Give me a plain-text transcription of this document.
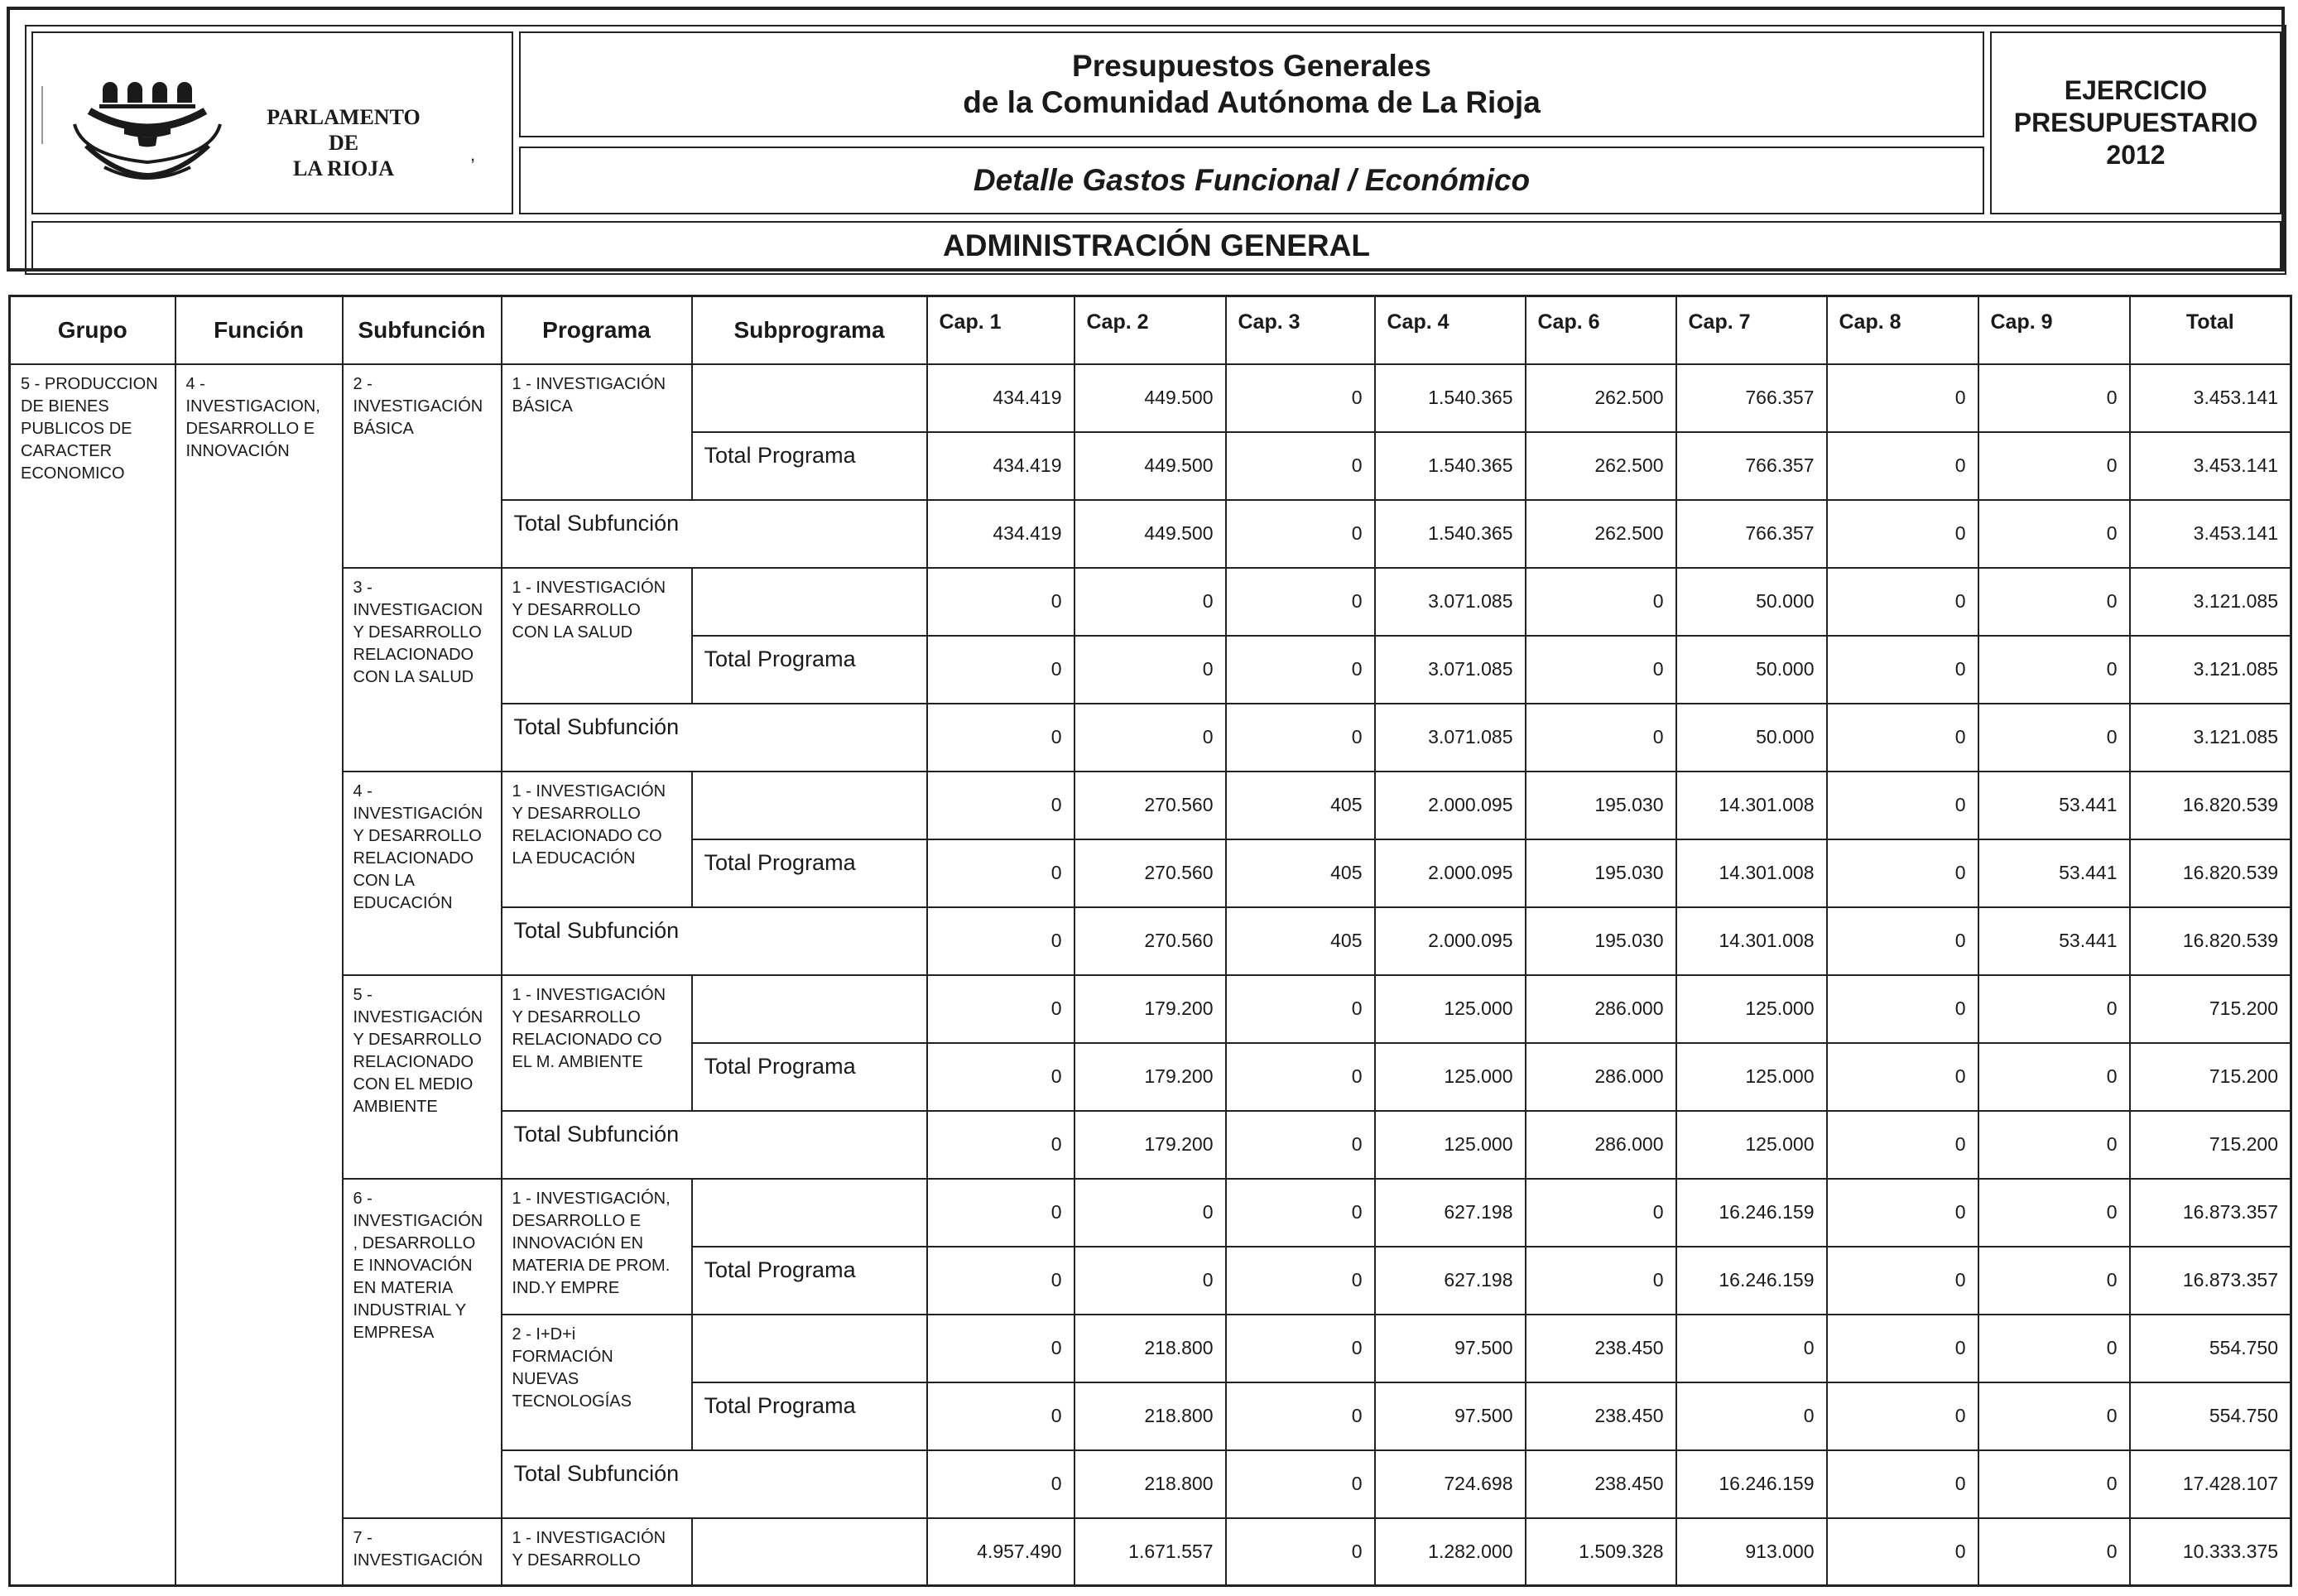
PARLAMENTO DE
LA RIOJA
,
Presupuestos Generales
de la Comunidad Autónoma de La Rioja
Detalle Gastos Funcional / Económico
EJERCICIO
PRESUPUESTARIO
2012
ADMINISTRACIÓN GENERAL
Grupo	Función	Subfunción	Programa	Subprograma	Cap. 1	Cap. 2	Cap. 3	Cap. 4	Cap. 6	Cap. 7	Cap. 8	Cap. 9	Total
5 - PRODUCCION DE BIENES PUBLICOS DE CARACTER ECONOMICO	4 - INVESTIGACION, DESARROLLO E INNOVACIÓN	2 - INVESTIGACIÓN BÁSICA	1 - INVESTIGACIÓN BÁSICA		434.419	449.500	0	1.540.365	262.500	766.357	0	0	3.453.141
				Total Programa	434.419	449.500	0	1.540.365	262.500	766.357	0	0	3.453.141
			Total Subfunción		434.419	449.500	0	1.540.365	262.500	766.357	0	0	3.453.141
		3 - INVESTIGACION Y DESARROLLO RELACIONADO CON LA SALUD	1 - INVESTIGACIÓN Y DESARROLLO CON LA SALUD		0	0	0	3.071.085	0	50.000	0	0	3.121.085
				Total Programa	0	0	0	3.071.085	0	50.000	0	0	3.121.085
			Total Subfunción		0	0	0	3.071.085	0	50.000	0	0	3.121.085
		4 - INVESTIGACIÓN Y DESARROLLO RELACIONADO CON LA EDUCACIÓN	1 - INVESTIGACIÓN Y DESARROLLO RELACIONADO CO LA EDUCACIÓN		0	270.560	405	2.000.095	195.030	14.301.008	0	53.441	16.820.539
				Total Programa	0	270.560	405	2.000.095	195.030	14.301.008	0	53.441	16.820.539
			Total Subfunción		0	270.560	405	2.000.095	195.030	14.301.008	0	53.441	16.820.539
		5 - INVESTIGACIÓN Y DESARROLLO RELACIONADO CON EL MEDIO AMBIENTE	1 - INVESTIGACIÓN Y DESARROLLO RELACIONADO CO EL M. AMBIENTE		0	179.200	0	125.000	286.000	125.000	0	0	715.200
				Total Programa	0	179.200	0	125.000	286.000	125.000	0	0	715.200
			Total Subfunción		0	179.200	0	125.000	286.000	125.000	0	0	715.200
		6 - INVESTIGACIÓN , DESARROLLO E INNOVACIÓN EN MATERIA INDUSTRIAL Y EMPRESA	1 - INVESTIGACIÓN, DESARROLLO E INNOVACIÓN EN MATERIA DE PROM. IND.Y EMPRE		0	0	0	627.198	0	16.246.159	0	0	16.873.357
				Total Programa	0	0	0	627.198	0	16.246.159	0	0	16.873.357
			2 - I+D+i FORMACIÓN NUEVAS TECNOLOGÍAS		0	218.800	0	97.500	238.450	0	0	0	554.750
				Total Programa	0	218.800	0	97.500	238.450	0	0	0	554.750
			Total Subfunción		0	218.800	0	724.698	238.450	16.246.159	0	0	17.428.107
		7 - INVESTIGACIÓN	1 - INVESTIGACIÓN Y DESARROLLO		4.957.490	1.671.557	0	1.282.000	1.509.328	913.000	0	0	10.333.375
